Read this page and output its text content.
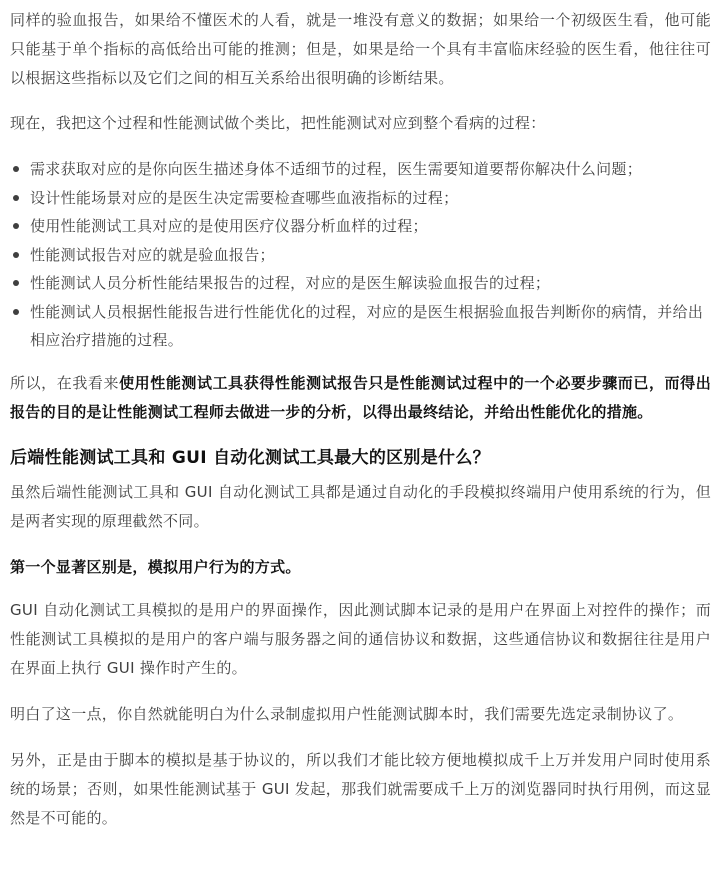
同样的验血报告，如果给不懂医术的人看，就是一堆没有意义的数据；如果给一个初级医生看，他可能只能基于单个指标的高低给出可能的推测；但是，如果是给一个具有丰富临床经验的医生看，他往往可以根据这些指标以及它们之间的相互关系给出很明确的诊断结果。

现在，我把这个过程和性能测试做个类比，把性能测试对应到整个看病的过程：

需求获取对应的是你向医生描述身体不适细节的过程，医生需要知道要帮你解决什么问题；
设计性能场景对应的是医生决定需要检查哪些血液指标的过程；
使用性能测试工具对应的是使用医疗仪器分析血样的过程；
性能测试报告对应的就是验血报告；
性能测试人员分析性能结果报告的过程，对应的是医生解读验血报告的过程；
性能测试人员根据性能报告进行性能优化的过程，对应的是医生根据验血报告判断你的病情，并给出相应治疗措施的过程。

所以，在我看来使用性能测试工具获得性能测试报告只是性能测试过程中的一个必要步骤而已，而得出报告的目的是让性能测试工程师去做进一步的分析，以得出最终结论，并给出性能优化的措施。

后端性能测试工具和 GUI 自动化测试工具最大的区别是什么？

虽然后端性能测试工具和 GUI 自动化测试工具都是通过自动化的手段模拟终端用户使用系统的行为，但是两者实现的原理截然不同。

第一个显著区别是，模拟用户行为的方式。

GUI 自动化测试工具模拟的是用户的界面操作，因此测试脚本记录的是用户在界面上对控件的操作；而性能测试工具模拟的是用户的客户端与服务器之间的通信协议和数据，这些通信协议和数据往往是用户在界面上执行 GUI 操作时产生的。

明白了这一点，你自然就能明白为什么录制虚拟用户性能测试脚本时，我们需要先选定录制协议了。

另外，正是由于脚本的模拟是基于协议的，所以我们才能比较方便地模拟成千上万并发用户同时使用系统的场景；否则，如果性能测试基于 GUI 发起，那我们就需要成千上万的浏览器同时执行用例，而这显然是不可能的。
